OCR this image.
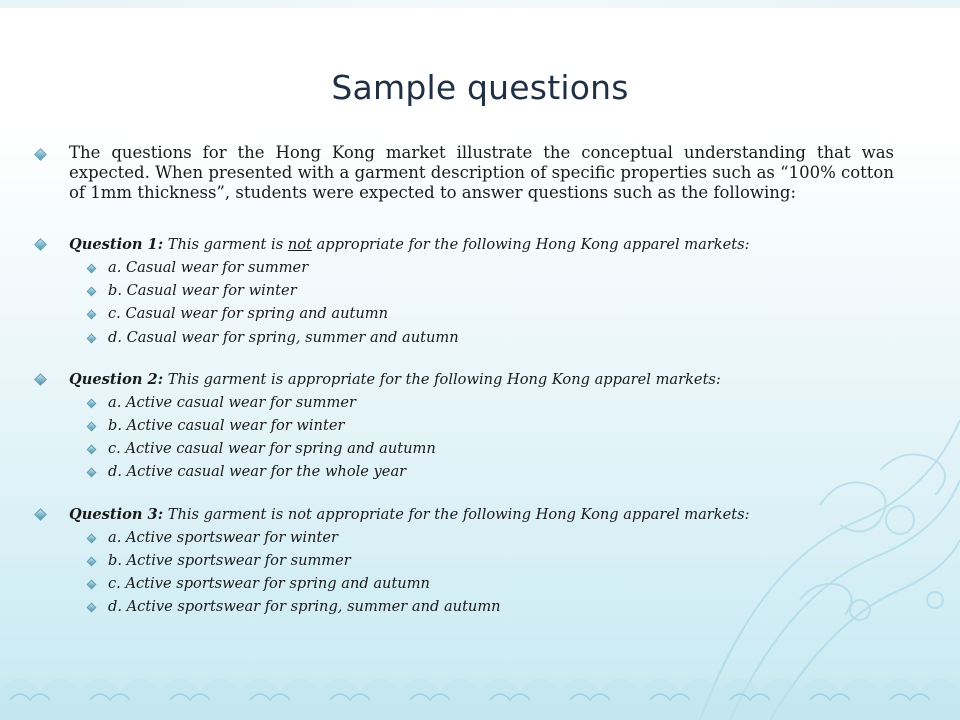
Sample questions
The questions for the Hong Kong market illustrate the conceptual understanding that was expected. When presented with a garment description of specific properties such as “100% cotton of 1mm thickness”, students were expected to answer questions such as the following:
Question 1: This garment is not appropriate for the following Hong Kong apparel markets:
a. Casual wear for summer
b. Casual wear for winter
c. Casual wear for spring and autumn
d. Casual wear for spring, summer and autumn
Question 2: This garment is appropriate for the following Hong Kong apparel markets:
a. Active casual wear for summer
b. Active casual wear for winter
c. Active casual wear for spring and autumn
d. Active casual wear for the whole year
Question 3: This garment is not appropriate for the following Hong Kong apparel markets:
a. Active sportswear for winter
b. Active sportswear for summer
c. Active sportswear for spring and autumn
d. Active sportswear for spring, summer and autumn
